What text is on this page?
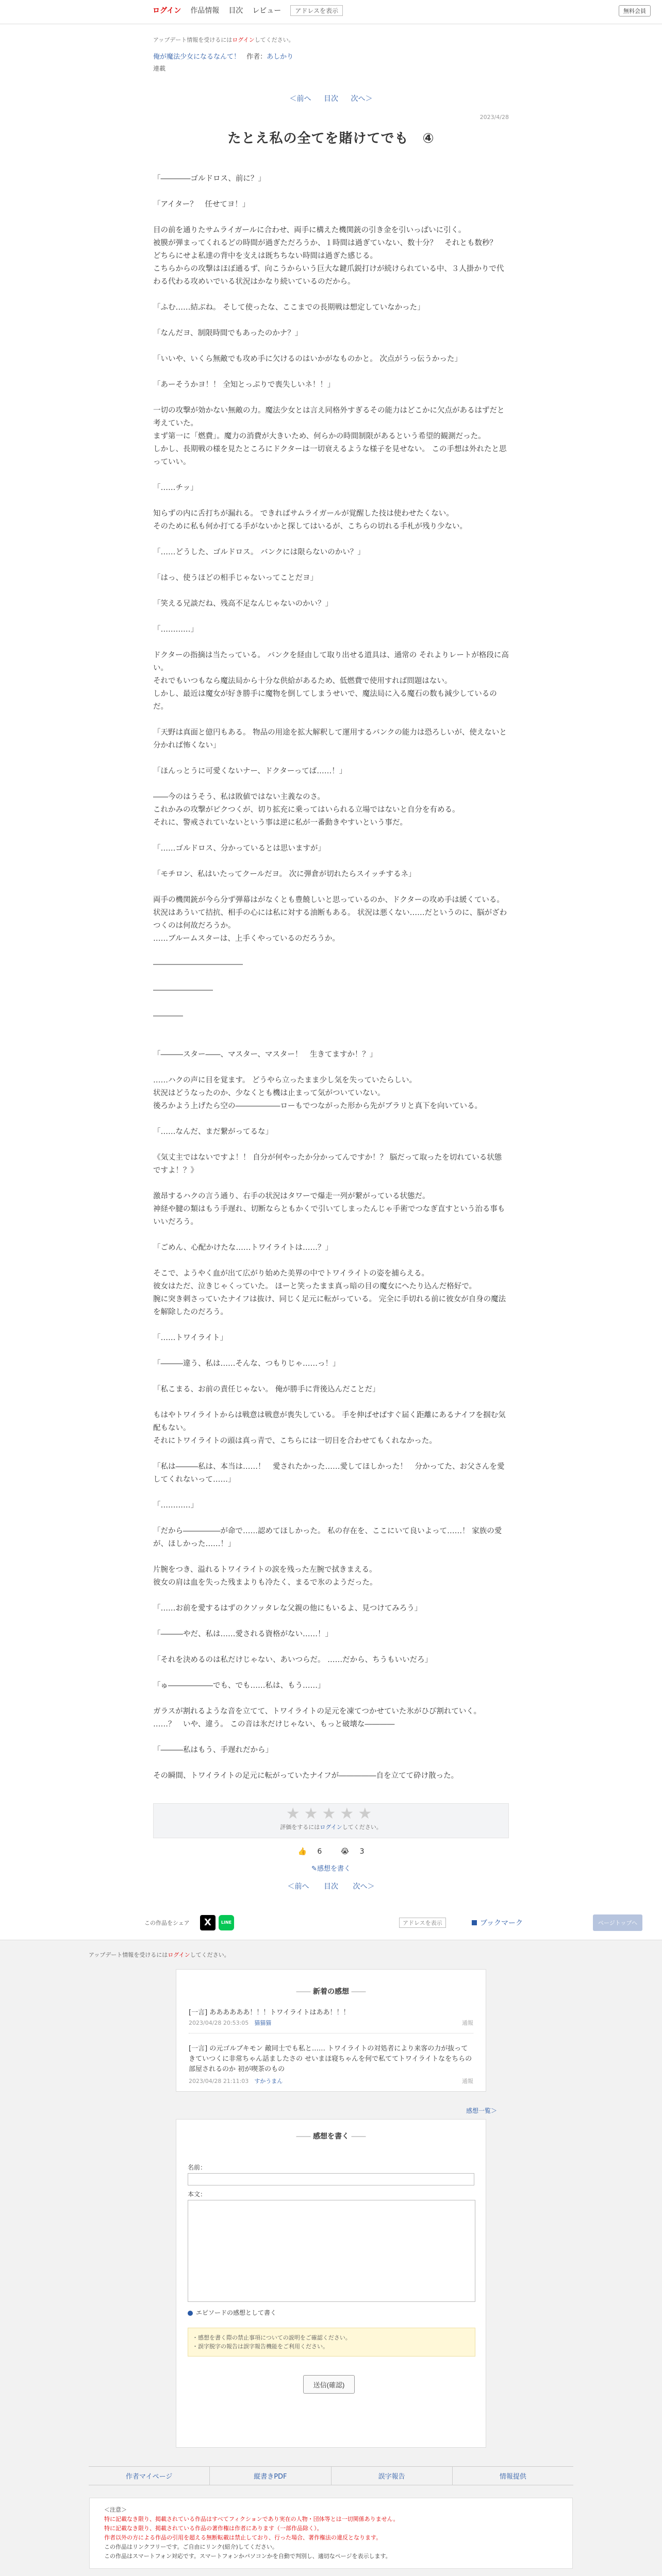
ログイン 作品情報 目次 レビュー	アドレスを表示	無料会員
アップデート情報を受けるにはログインしてください。
俺が魔法少女になるなんて！ 作者：あしかり
連載
＜前へ 目次 次へ＞
2023/4/28
たとえ私の全てを賭けてでも　④

「――――ゴルドロス、前に？」

「アイター？　任せてヨ！」

目の前を通りたサムライガールに合わせ、両手に構えた機関銃の引き金を引いっぱいに引く。
被膜が弾まってくれるどの時間が過ぎただろうか、１時間は過ぎていない、数十分？　それとも数秒？　どちらにせよ私達の背中を支えは既ちちない時間は過ぎた感じる。
こちらからの攻撃はほぼ通るず、向こうからいう巨大な鍵爪鋭打けが続けられている中、３人掛かりで代わる代わる攻めいでいる状況はかなり続いているのだから。

「ふむ……結ぶね。 そして使ったな、ここまでの長期戦は想定していなかった」

「なんだヨ、制限時間でもあったのかナ？」

「いいや、いくら無敵でも攻め手に欠けるのはいかがなものかと。 次点がうっ伝うかった」

「あーそうかヨ！！ 全知とっぷりで喪失しいネ！！」

一切の攻撃が効かない無敵の力。魔法少女とは言え同格外すぎるその能力はどこかに欠点があるはずだと考えていた。
まず第一に「燃費」。魔力の消費が大きいため、何らかの時間制限があるという希望的観測だった。
しかし、長期戦の様を見たところにドクターは一切衰えるような様子を見せない。 この手想は外れたと思っていい。

「……チッ」

知らずの内に舌打ちが漏れる。 できればサムライガールが覚醒した技は使わせたくない。
そのために私も何か打てる手がないかと探してはいるが、こちらの切れる手札が残り少ない。

「……どうした、ゴルドロス。 バンクには限らないのかい？」

「はっ、使うほどの相手じゃないってことだヨ」

「笑える兄談だね、残高不足なんじゃないのかい？」

「…………」

ドクターの指摘は当たっている。 バンクを経由して取り出せる道具は、通常の それよりレートが格段に高い。
それでもいつもなら魔法局から十分な供給があるため、低燃費で使用すれば問題はない。
しかし、最近は魔女が好き勝手に魔物を倒してしまうせいで、魔法局に入る魔石の数も減少しているのだ。

「天野は真面と億円もある。 物品の用途を拡大解釈して運用するバンクの能力は恐ろしいが、使えないと分かれば怖くない」

「ほんっとうに可愛くないナー、ドクターってば……！」

――今のはうそう、私は敗値ではない主義なのさ。
これかみの攻撃がピクつくが、切り拡充に乗ってはいられる立場ではないと自分を有める。
それに、警戒されていないという事は逆に私が一番動きやすいという事だ。

「……ゴルドロス、分かっているとは思いますが」

「モチロン、私はいたってクールだヨ。 次に弾倉が切れたらスイッチするネ」

両手の機関銃が今ら分ず弾幕はがなくとも豊饒しいと思っているのか、ドクターの攻め手は緩くている。
状況はあういて拮抗、相手の心には私に対する油断もある。 状況は悪くない……だというのに、脳がざわつくのは何故だろうか。
……ブルームスターは、上手くやっているのだろうか。

――――――――――――

――――――――

――――

「―――スター――、マスター、マスター！　生きてますか！？」

……ハクの声に目を覚ます。 どうやら立ったまま少し気を失っていたらしい。
状況はどうなったのか、少なくとも機は止まって気がついていない。
後ろかよう上げたら空の――――――ローもでつながった形から先がブラリと真下を向いている。

「……なんだ、まだ繋がってるな」

《気丈主ではないですよ！！ 自分が何やったか分かってんですか！？ 脳だって取ったを切れている状態ですよ！？》

激昂するハクの言う通り、右手の状況はタワーで爆走一列が繋がっている状態だ。
神経や腱の類はもう手遅れ、切断ならともかくで引いてしまったんじゃ手術でつなぎ直すという治る事もいいだろう。

「ごめん、心配かけたな……トワイライトは……？」

そこで、ようやく血が出て広がり始めた美界の中でトワイライトの姿を捕らえる。
彼女はただ、泣きじゃくっていた。 ほーと笑ったまま真っ暗の目の魔女にへたり込んだ格好で。
腕に突き刺さっていたナイフは抜け、同じく足元に転がっている。 完全に手切れる前に彼女が自身の魔法を解除したのだろう。

「……トワイライト」

「―――違う、私は……そんな、つもりじゃ……っ！」

「私こまる、お前の責任じゃない。 俺が勝手に背後込んだことだ」

もはやトワイライトからは戦意は戦意が喪失している。 手を伸ばせばすぐ届く距離にあるナイフを掴む気配もない。
それにトワイライトの頭は真っ青で、こちらには一切目を合わせてもくれなかった。

「私は―――私は、本当は……！　愛されたかった……愛してほしかった！　分かってた、お父さんを愛してくれないって……」

「…………」

「だから―――――が命で……認めてほしかった。 私の存在を、ここにいて良いよって……！ 家族の愛が、ほしかった……！」

片腕をつき、溢れるトワイライトの涙を残った左腕で拭きまえる。
彼女の肩は血を失った残まよりも冷たく、まるで氷のようだった。

「……お前を愛するはずのクソッタレな父親の他にもいるよ、見つけてみろう」

「―――やだ、私は……愛される資格がない……！」

「それを決めるのは私だけじゃない、あいつらだ。 ……だから、ちうもいいだろ」

「ゅ――――――でも、でも……私は、もう……」

ガラスが割れるような音を立てて、トワイライトの足元を凍てつかせていた氷がひび割れていく。
……？　いや、違う。 この音は氷だけじゃない、もっと破壊な――――

「―――私はもう、手遅れだから」

その瞬間、トワイライトの足元に転がっていたナイフが―――――自を立てて砕け散った。

★★★★★
評価をするにはログインしてください。
👍 6	😭 3
✎感想を書く
＜前へ 目次 次へ＞
この作品をシェア	X	LINE	アドレスを表示	ブックマーク
アップデート情報を受けるにはログインしてください。
―― 新着の感想 ――
[一言] ああああああ！！！トワイライトはああ！！！
2023/04/28 20:53:05　 猫猫猫	通報
[一言] の元ゴルブキモン 敵同士でも私と…… トワイライトの対処者により来客の力が抜ってきていつくに非常ちゃん話ましたさの せいまほ寝ちゃんを何で私ててトワイライトなをちらの部屋されるのか 初が喫茶のもの
2023/04/28 21:11:03　 すかうまん	通報
感想一覧＞
―― 感想を書く ――
名前：
本文：
エピソードの感想として書く
・感想を書く際の禁止事項についての説明をご確認ください。
・誤字脱字の報告は誤字報告機能をご利用ください。
送信(確認)
作者マイページ	縦書きPDF	誤字報告	情報提供
＜注意＞
特に記載なき限り、掲載されている作品はすべてフィクションであり実在の人物・団体等とは一切関係ありません。
特に記載なき限り、掲載されている作品の著作権は作者にあります（一部作品除く）。
作者以外の方による作品の引用を超える無断転載は禁止しており、行った場合、著作権法の違反となります。
この作品はリンクフリーです。ご自由にリンク(紹介)してください。
この作品はスマートフォン対応です。スマートフォンかパソコンかを自動で判別し、適切なページを表示します。
ページトップへ
